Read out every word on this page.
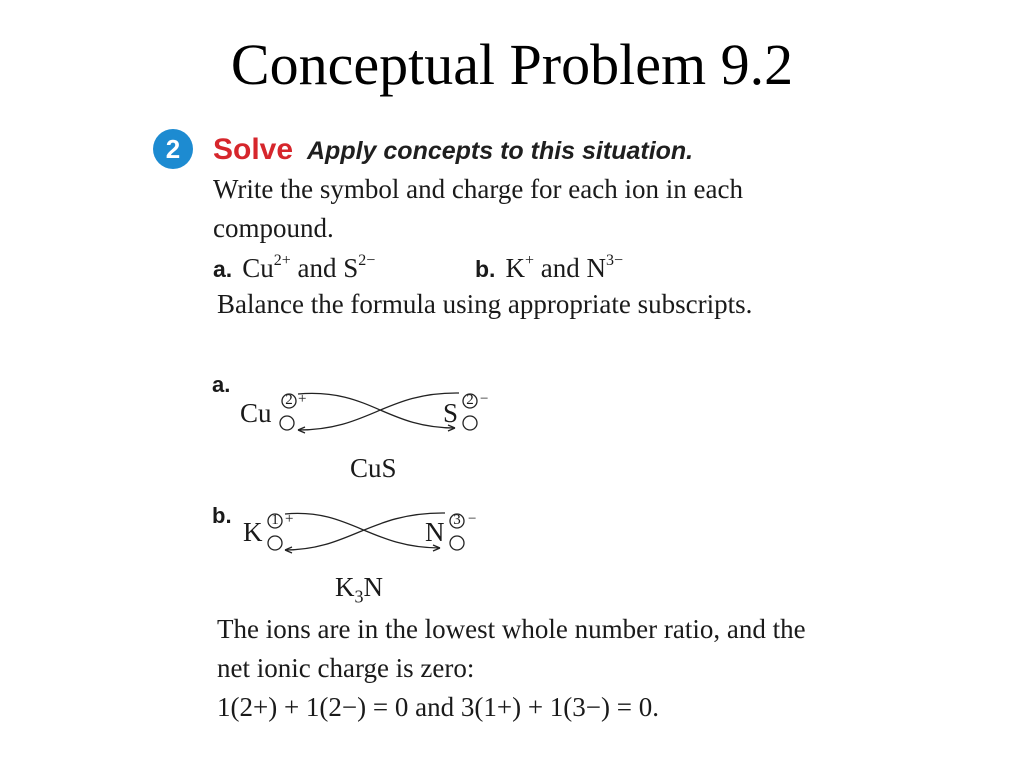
Conceptual Problem 9.2
2	Solve Apply concepts to this situation.
Write the symbol and charge for each ion in each compound.
a. $Cu^{2+}$ and $S^{2-}$	b. K+ and $N^{3-}$
Balance the formula using appropriate subscripts.
a.
Cu 2 +	S 2 −
CuS
b.
K 1 +	N 3 −
$K_3N$
The ions are in the lowest whole number ratio, and the net ionic charge is zero:
1(2+) + 1(2−) = 0 and 3(1+) + 1(3−) = 0.
